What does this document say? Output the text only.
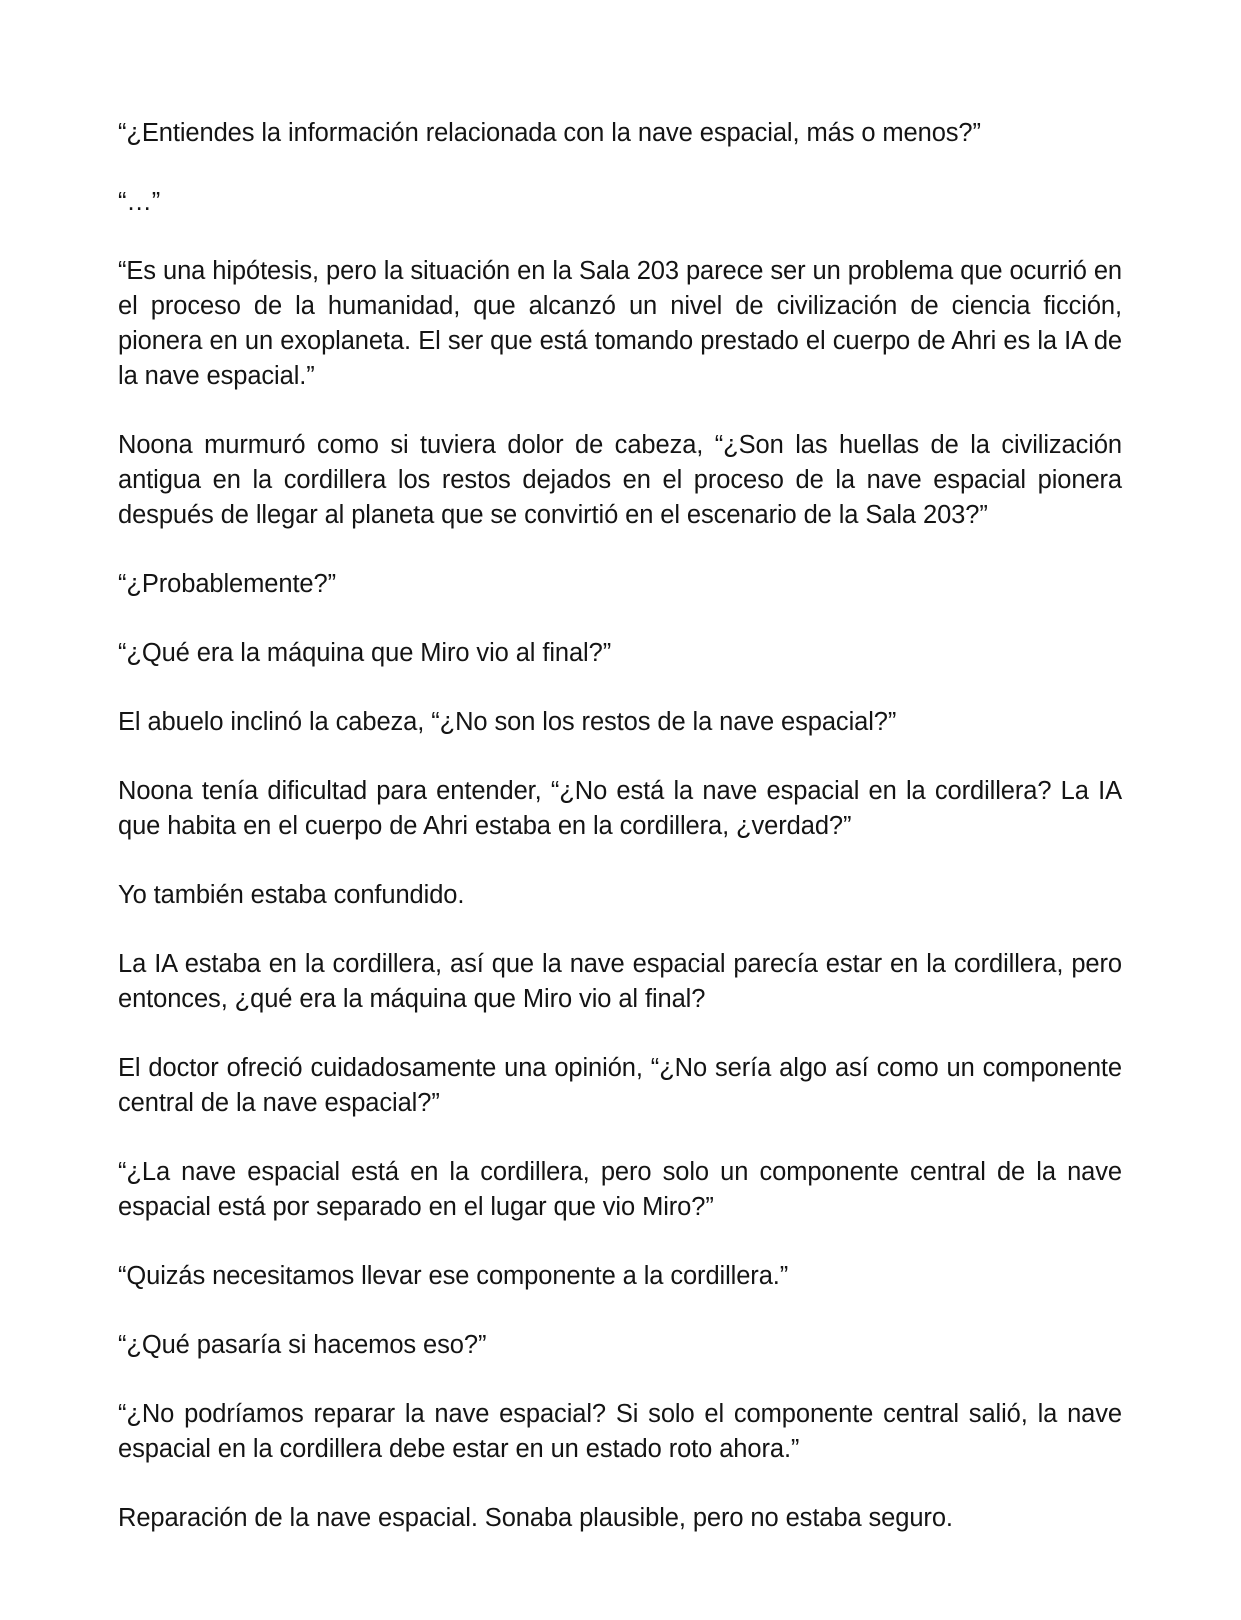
“¿Entiendes la información relacionada con la nave espacial, más o menos?”

“…”

“Es una hipótesis, pero la situación en la Sala 203 parece ser un problema que ocurrió en el proceso de la humanidad, que alcanzó un nivel de civilización de ciencia ficción, pionera en un exoplaneta. El ser que está tomando prestado el cuerpo de Ahri es la IA de la nave espacial.”

Noona murmuró como si tuviera dolor de cabeza, “¿Son las huellas de la civilización antigua en la cordillera los restos dejados en el proceso de la nave espacial pionera después de llegar al planeta que se convirtió en el escenario de la Sala 203?”

“¿Probablemente?”

“¿Qué era la máquina que Miro vio al final?”

El abuelo inclinó la cabeza, “¿No son los restos de la nave espacial?”

Noona tenía dificultad para entender, “¿No está la nave espacial en la cordillera? La IA que habita en el cuerpo de Ahri estaba en la cordillera, ¿verdad?”

Yo también estaba confundido.

La IA estaba en la cordillera, así que la nave espacial parecía estar en la cordillera, pero entonces, ¿qué era la máquina que Miro vio al final?

El doctor ofreció cuidadosamente una opinión, “¿No sería algo así como un componente central de la nave espacial?”

“¿La nave espacial está en la cordillera, pero solo un componente central de la nave espacial está por separado en el lugar que vio Miro?”

“Quizás necesitamos llevar ese componente a la cordillera.”

“¿Qué pasaría si hacemos eso?”

“¿No podríamos reparar la nave espacial? Si solo el componente central salió, la nave espacial en la cordillera debe estar en un estado roto ahora.”

Reparación de la nave espacial. Sonaba plausible, pero no estaba seguro.
